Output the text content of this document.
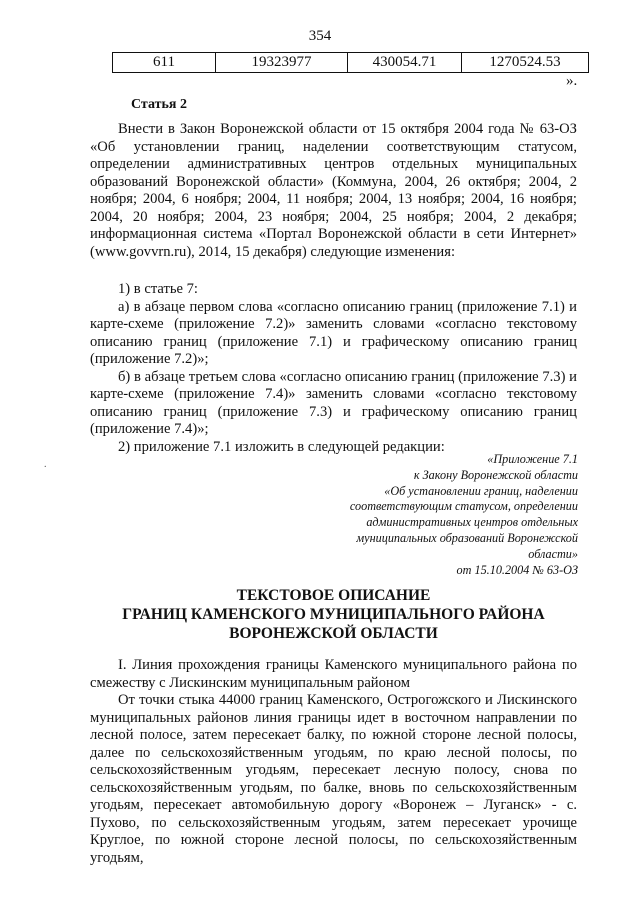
354
611	19323977	430054.71	1270524.53
».
Статья 2

Внести в Закон Воронежской области от 15 октября 2004 года № 63-ОЗ «Об установлении границ, наделении соответствующим статусом, определении административных центров отдельных муниципальных образований Воронежской области» (Коммуна, 2004, 26 октября; 2004, 2 ноября; 2004, 6 ноября; 2004, 11 ноября; 2004, 13 ноября; 2004, 16 ноября; 2004, 20 ноября; 2004, 23 ноября; 2004, 25 ноября; 2004, 2 декабря; информационная система «Портал Воронежской области в сети Интернет» (www.govvrn.ru), 2014, 15 декабря) следующие изменения:

1) в статье 7:

а) в абзаце первом слова «согласно описанию границ (приложение 7.1) и карте-схеме (приложение 7.2)» заменить словами «согласно текстовому описанию границ (приложение 7.1) и графическому описанию границ (приложение 7.2)»;

б) в абзаце третьем слова «согласно описанию границ (приложение 7.3) и карте-схеме (приложение 7.4)» заменить словами «согласно текстовому описанию границ (приложение 7.3) и графическому описанию границ (приложение 7.4)»;

2) приложение 7.1 изложить в следующей редакции:

.	«Приложение 7.1
к Закону Воронежской области
«Об установлении границ, наделении
соответствующим статусом, определении
административных центров отдельных
муниципальных образований Воронежской
области»
от 15.10.2004 № 63-ОЗ
ТЕКСТОВОЕ ОПИСАНИЕ
ГРАНИЦ КАМЕНСКОГО МУНИЦИПАЛЬНОГО РАЙОНА
ВОРОНЕЖСКОЙ ОБЛАСТИ

I. Линия прохождения границы Каменского муниципального района по смежеству с Лискинским муниципальным районом

От точки стыка 44000 границ Каменского, Острогожского и Лискинского муниципальных районов линия границы идет в восточном направлении по лесной полосе, затем пересекает балку, по южной стороне лесной полосы, далее по сельскохозяйственным угодьям, по краю лесной полосы, по сельскохозяйственным угодьям, пересекает лесную полосу, снова по сельскохозяйственным угодьям, по балке, вновь по сельскохозяйственным угодьям, пересекает автомобильную дорогу «Воронеж – Луганск» - с. Пухово, по сельскохозяйственным угодьям, затем пересекает урочище Круглое, по южной стороне лесной полосы, по сельскохозяйственным угодьям,
